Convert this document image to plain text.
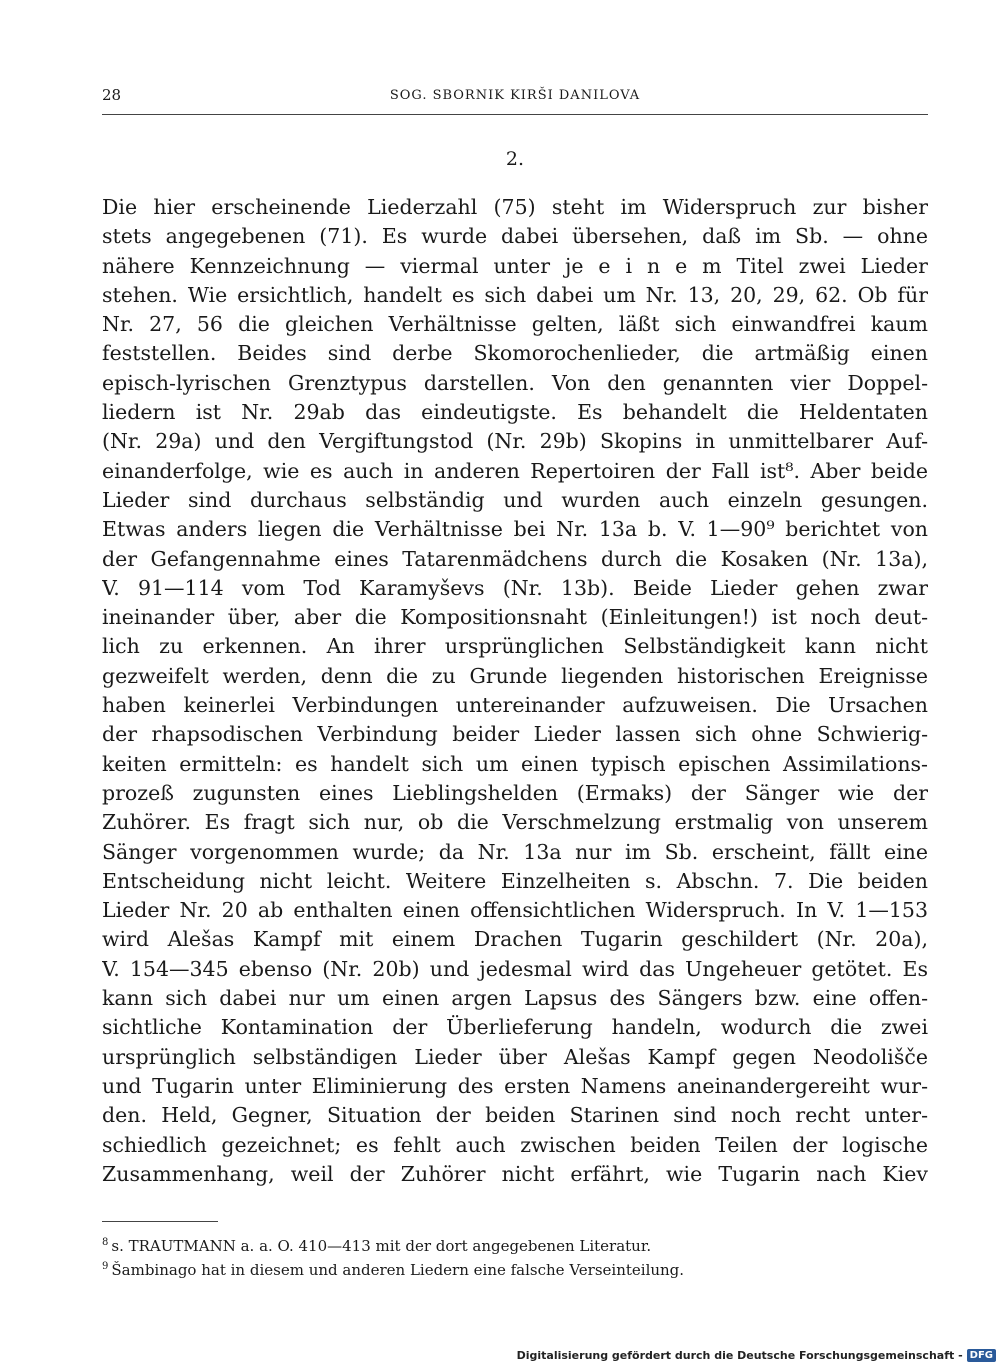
28	SOG. SBORNIK KIRŠI DANILOVA
2.
Die hier erscheinende Liederzahl (75) steht im Widerspruch zur bisher
stets angegebenen (71). Es wurde dabei übersehen, daß im Sb. — ohne
nähere Kennzeichnung — viermal unter je e i n e m Titel zwei Lieder
stehen. Wie ersichtlich, handelt es sich dabei um Nr. 13, 20, 29, 62. Ob für
Nr. 27, 56 die gleichen Verhältnisse gelten, läßt sich einwandfrei kaum
feststellen. Beides sind derbe Skomorochenlieder, die artmäßig einen
episch-lyrischen Grenztypus darstellen. Von den genannten vier Doppel-
liedern ist Nr. 29ab das eindeutigste. Es behandelt die Heldentaten
(Nr. 29a) und den Vergiftungstod (Nr. 29b) Skopins in unmittelbarer Auf-
einanderfolge, wie es auch in anderen Repertoiren der Fall ist⁸. Aber beide
Lieder sind durchaus selbständig und wurden auch einzeln gesungen.
Etwas anders liegen die Verhältnisse bei Nr. 13a b. V. 1—90⁹ berichtet von
der Gefangennahme eines Tatarenmädchens durch die Kosaken (Nr. 13a),
V. 91—114 vom Tod Karamyševs (Nr. 13b). Beide Lieder gehen zwar
ineinander über, aber die Kompositionsnaht (Einleitungen!) ist noch deut-
lich zu erkennen. An ihrer ursprünglichen Selbständigkeit kann nicht
gezweifelt werden, denn die zu Grunde liegenden historischen Ereignisse
haben keinerlei Verbindungen untereinander aufzuweisen. Die Ursachen
der rhapsodischen Verbindung beider Lieder lassen sich ohne Schwierig-
keiten ermitteln: es handelt sich um einen typisch epischen Assimilations-
prozeß zugunsten eines Lieblingshelden (Ermaks) der Sänger wie der
Zuhörer. Es fragt sich nur, ob die Verschmelzung erstmalig von unserem
Sänger vorgenommen wurde; da Nr. 13a nur im Sb. erscheint, fällt eine
Entscheidung nicht leicht. Weitere Einzelheiten s. Abschn. 7. Die beiden
Lieder Nr. 20 ab enthalten einen offensichtlichen Widerspruch. In V. 1—153
wird Alešas Kampf mit einem Drachen Tugarin geschildert (Nr. 20a),
V. 154—345 ebenso (Nr. 20b) und jedesmal wird das Ungeheuer getötet. Es
kann sich dabei nur um einen argen Lapsus des Sängers bzw. eine offen-
sichtliche Kontamination der Überlieferung handeln, wodurch die zwei
ursprünglich selbständigen Lieder über Alešas Kampf gegen Neodolišče
und Tugarin unter Eliminierung des ersten Namens aneinandergereiht wur-
den. Held, Gegner, Situation der beiden Starinen sind noch recht unter-
schiedlich gezeichnet; es fehlt auch zwischen beiden Teilen der logische
Zusammenhang, weil der Zuhörer nicht erfährt, wie Tugarin nach Kiev
$^8$ s. TRAUTMANN a. a. O. 410—413 mit der dort angegebenen Literatur.
$^9$ Šambinago hat in diesem und anderen Liedern eine falsche Verseinteilung.
Digitalisierung gefördert durch die Deutsche Forschungsgemeinschaft - DFG
